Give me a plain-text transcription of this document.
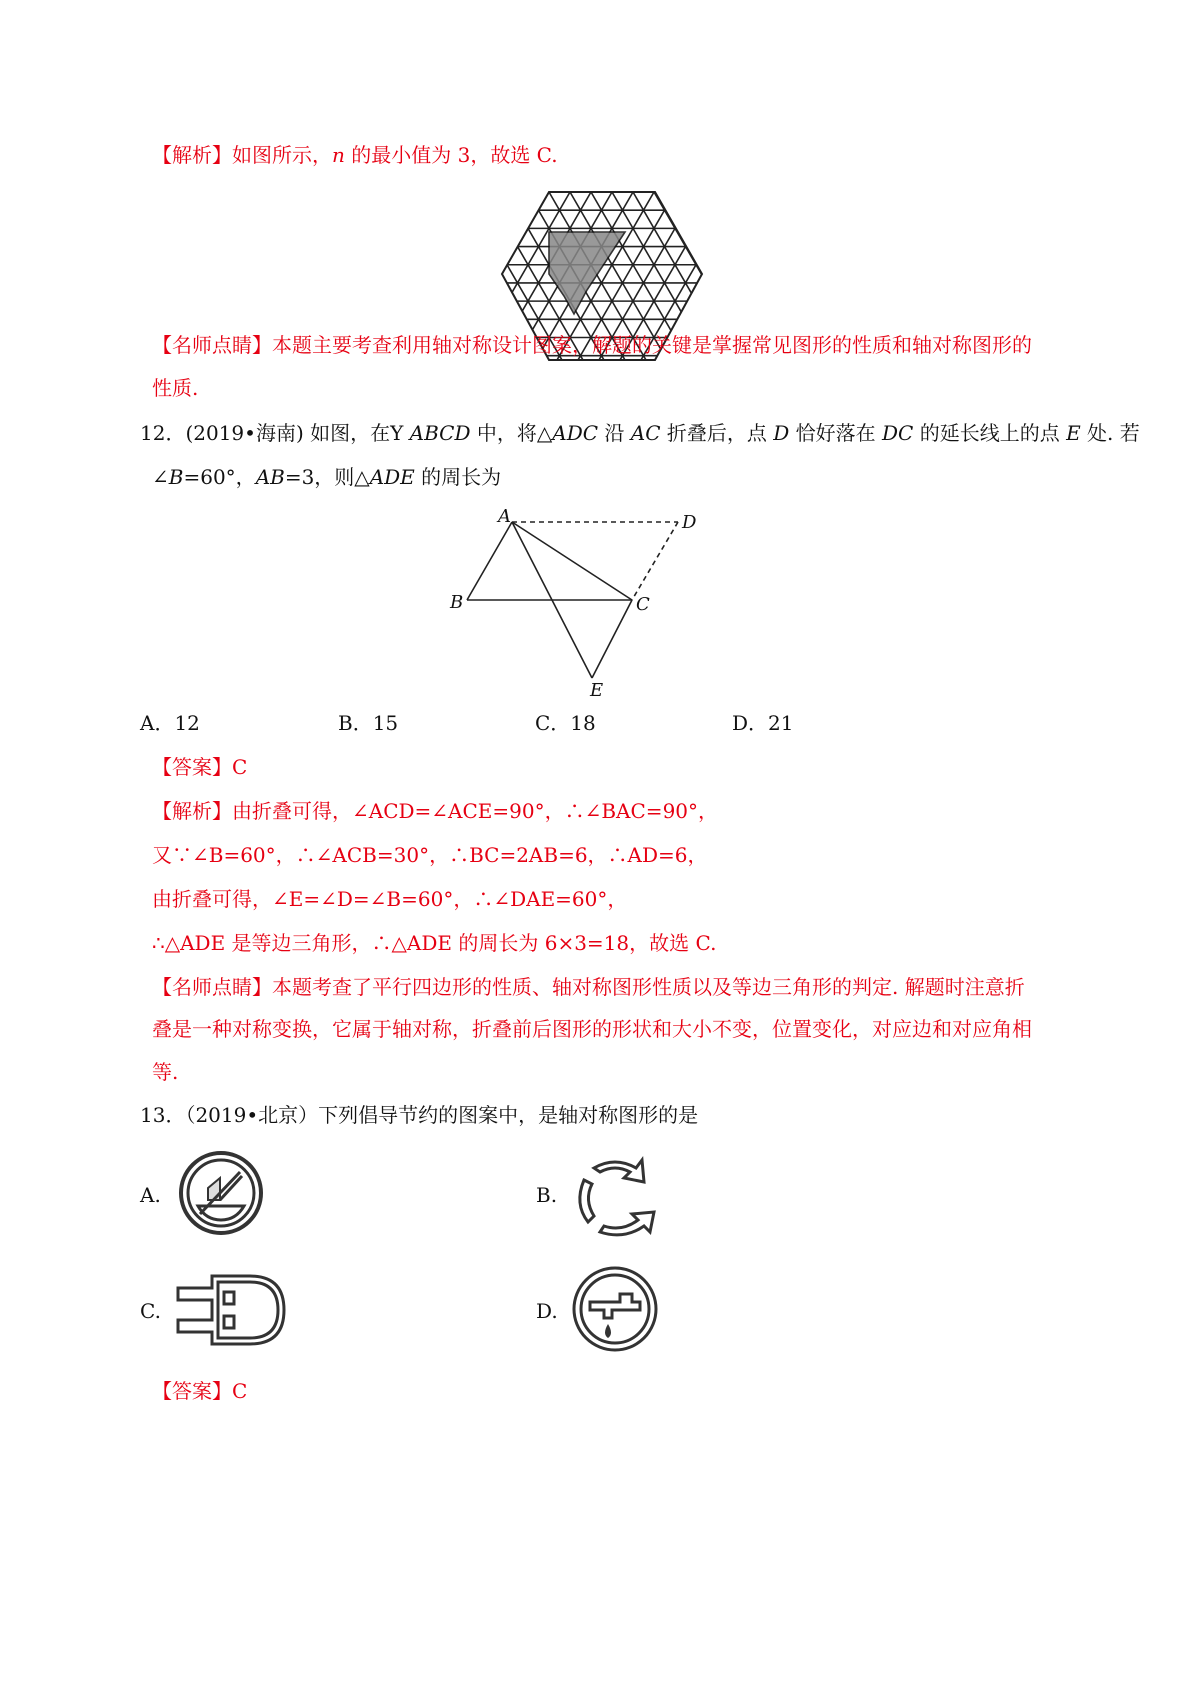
【解析】如图所示，n 的最小值为 3，故选 C.
【名师点睛】本题主要考查利用轴对称设计图案，解题的关键是掌握常见图形的性质和轴对称图形的
性质.
12．(2019•海南) 如图，在Y ABCD 中，将△ADC 沿 AC 折叠后，点 D 恰好落在 DC 的延长线上的点 E 处. 若
∠B=60°，AB=3，则△ADE 的周长为
A
B	C
D
E
A．12	B．15	C．18	D．21
【答案】C
【解析】由折叠可得，∠ACD=∠ACE=90°，∴∠BAC=90°，
又∵∠B=60°，∴∠ACB=30°，∴BC=2AB=6，∴AD=6，
由折叠可得，∠E=∠D=∠B=60°，∴∠DAE=60°，
∴△ADE 是等边三角形，∴△ADE 的周长为 6×3=18，故选 C.
【名师点睛】本题考查了平行四边形的性质、轴对称图形性质以及等边三角形的判定. 解题时注意折
叠是一种对称变换，它属于轴对称，折叠前后图形的形状和大小不变，位置变化，对应边和对应角相
等.
13．（2019•北京）下列倡导节约的图案中，是轴对称图形的是
A.	B.
C.	D.
【答案】C
